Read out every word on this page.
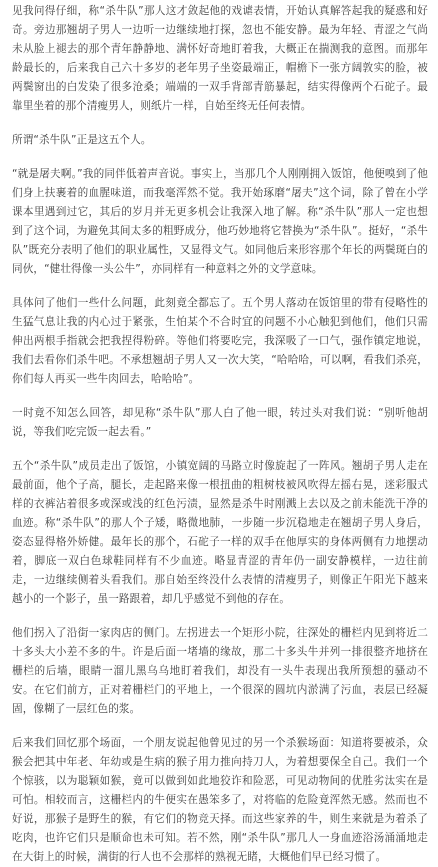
见我问得仔细，称“杀牛队”那人这才敛起他的戏谑表情，开始认真解答起我的疑惑和好奇。旁边那翘胡子男人一边听一边继续地打探，忽也不能安静。最为年轻、青涩之气尚未从脸上褪去的那个青年静静地、满怀好奇地盯着我，大概正在揣测我的意图。而那年龄最长的，后来我自己六十多岁的老年男子坐姿最端正，帽檐下一张方阔敦实的脸，被两鬓窗出的白发染了很多沧桑；端端的一双手背部青筋暴起，结实得像两个石砣子。最靠里坐着的那个清瘦男人，则纸片一样，自始至终无任何表情。

所谓“杀牛队”正是这五个人。

“就是屠夫啊。”我的同伴低着声音说。事实上，当那几个人刚刚拥入饭馆，他便嗅到了他们身上扶裹着的血腥味道，而我毫浑然不觉。我开始琢磨“屠夫”这个词，除了曾在小学课本里遇到过它，其后的岁月并无更多机会让我深入地了解。称“杀牛队”那人一定也想到了这个词，为避免其间太多的粗野成分，他巧妙地将它替换为“杀牛队”。挺好，“杀牛队”既充分表明了他们的职业属性，又显得文气。如同他后来形容那个年长的两鬓斑白的同伙，“健壮得像一头公牛”，亦同样有一种意料之外的文学意味。

具体问了他们一些什么问题，此刻竟全都忘了。五个男人落动在饭馆里的带有侵略性的生猛气息让我的内心过于紧张，生怕某个不合时宜的问题不小心触犯到他们，他们只需伸出两根手指就会把我捏得粉碎。等他们将要吃完，我深吸了一口气，强作镇定地说，我们去看你们杀牛吧。不承想翘胡子男人又一次大笑，“哈哈哈，可以啊，看我们杀亮，你们每人再买一些牛肉回去，哈哈哈”。

一时竟不知怎么回答，却见称“杀牛队”那人白了他一眼，转过头对我们说：“别听他胡说，等我们吃完饭一起去看。”

五个“杀牛队”成员走出了饭馆，小镇宽阔的马路立时像旋起了一阵风。翘胡子男人走在最前面，他个子高，腿长，走起路来像一根扭曲的粗树枝被风吹得左摇右晃，迷彩服式样的衣裤沾着很多或深或浅的红色污渍，显然是杀牛时刚溅上去以及之前未能洗干净的血迹。称“杀牛队”的那人个子矮，略微地肺，一步随一步沉稳地走在翘胡子男人身后，姿态显得格外娇健。最年长的那个，石砣子一样的双手在他厚实的身体两侧有力地摆动着，脚底一双白色球鞋同样有不少血迹。略显青涩的青年仍一副安静模样，一边往前走，一边继续侧着头看我们。那自始至终没什么表情的清瘦男子，则像正午阳光下越来越小的一个影子，虽一路跟着，却几乎感觉不到他的存在。

他们拐入了沿街一家肉店的侧门。左拐进去一个矩形小院，往深处的栅栏内见到将近二十多头大小差不多的牛。许是后面一堵墙的缘故，那二十多头牛并列一排很整齐地挤在栅栏的后墙，眼睛一溜儿黑乌乌地盯着我们，却没有一头牛表现出我所预想的骚动不安。在它们前方，正对着栅栏门的平地上，一个很深的圆坑内淤满了污血，表层已经凝固，像糊了一层红色的浆。

后来我们回忆那个场面，一个朋友说起他曾见过的另一个杀猴场面：知道将要被杀，众猴会把其中年老、年幼或是生病的猴子用力推向持刀人，为着想要保全自己。我们一个个惊骇，以为聪颖如猴，竟可以做到如此地狡诈和险恶，可见动物间的优胜劣汰实在是可怕。相较而言，这栅栏内的牛便实在愚笨多了，对将临的危险竟浑然无感。然而也不好说，那猴子是野生的猴，有它们的物竞天择。而这些家养的牛，则生来就是为着杀了吃肉，也许它们只是顺命也未可知。若不然，刚“杀牛队”那几人一身血迹浴汤涌涌地走在大街上的时候，满街的行人也不会那样的熟视无睹，大概他们早已经习惯了。
